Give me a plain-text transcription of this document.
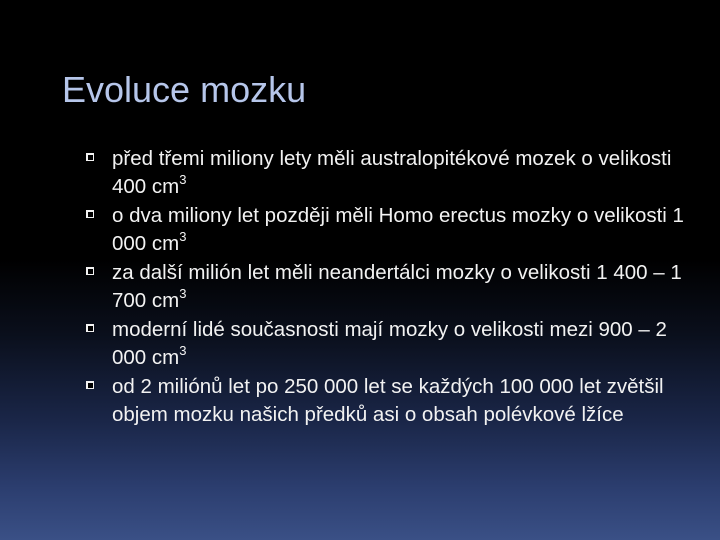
Evoluce mozku
před třemi miliony lety měli australopitékové mozek o velikosti 400 $cm^3$
o dva miliony let později měli Homo erectus mozky o velikosti 1 000 $cm^3$
za další milión let měli neandertálci mozky o velikosti 1 400 – 1 700 $cm^3$
moderní lidé současnosti mají mozky o velikosti mezi 900 – 2 000 $cm^3$
od 2 miliónů let po 250 000 let se každých 100 000 let zvětšil objem mozku našich předků asi o obsah polévkové lžíce
